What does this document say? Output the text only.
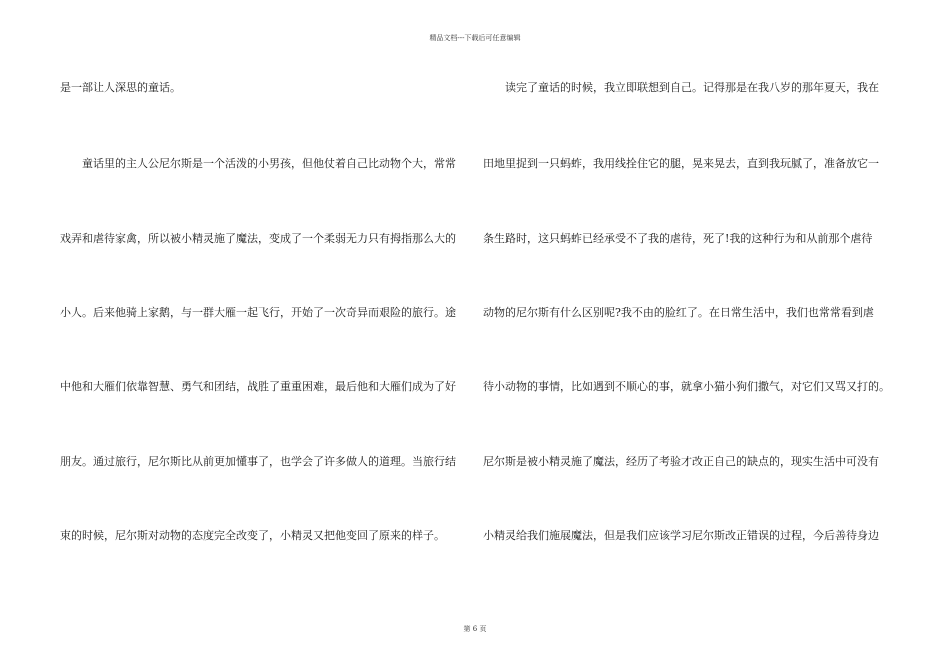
精品文档---下载后可任意编辑
是一部让人深思的童话。
　　童话里的主人公尼尔斯是一个活泼的小男孩，但他仗着自己比动物个大，常常
戏弄和虐待家禽，所以被小精灵施了魔法，变成了一个柔弱无力只有拇指那么大的
小人。后来他骑上家鹅，与一群大雁一起飞行，开始了一次奇异而艰险的旅行。途
中他和大雁们依靠智慧、勇气和团结，战胜了重重困难，最后他和大雁们成为了好
朋友。通过旅行，尼尔斯比从前更加懂事了，也学会了许多做人的道理。当旅行结
束的时候，尼尔斯对动物的态度完全改变了，小精灵又把他变回了原来的样子。
　　读完了童话的时候，我立即联想到自己。记得那是在我八岁的那年夏天，我在
田地里捉到一只蚂蚱，我用线拴住它的腿，晃来晃去，直到我玩腻了，准备放它一
条生路时，这只蚂蚱已经承受不了我的虐待，死了!我的这种行为和从前那个虐待
动物的尼尔斯有什么区别呢?我不由的脸红了。在日常生活中，我们也常常看到虐
待小动物的事情，比如遇到不顺心的事，就拿小猫小狗们撒气，对它们又骂又打的。
尼尔斯是被小精灵施了魔法，经历了考验才改正自己的缺点的，现实生活中可没有
小精灵给我们施展魔法，但是我们应该学习尼尔斯改正错误的过程，今后善待身边
第 6 页
